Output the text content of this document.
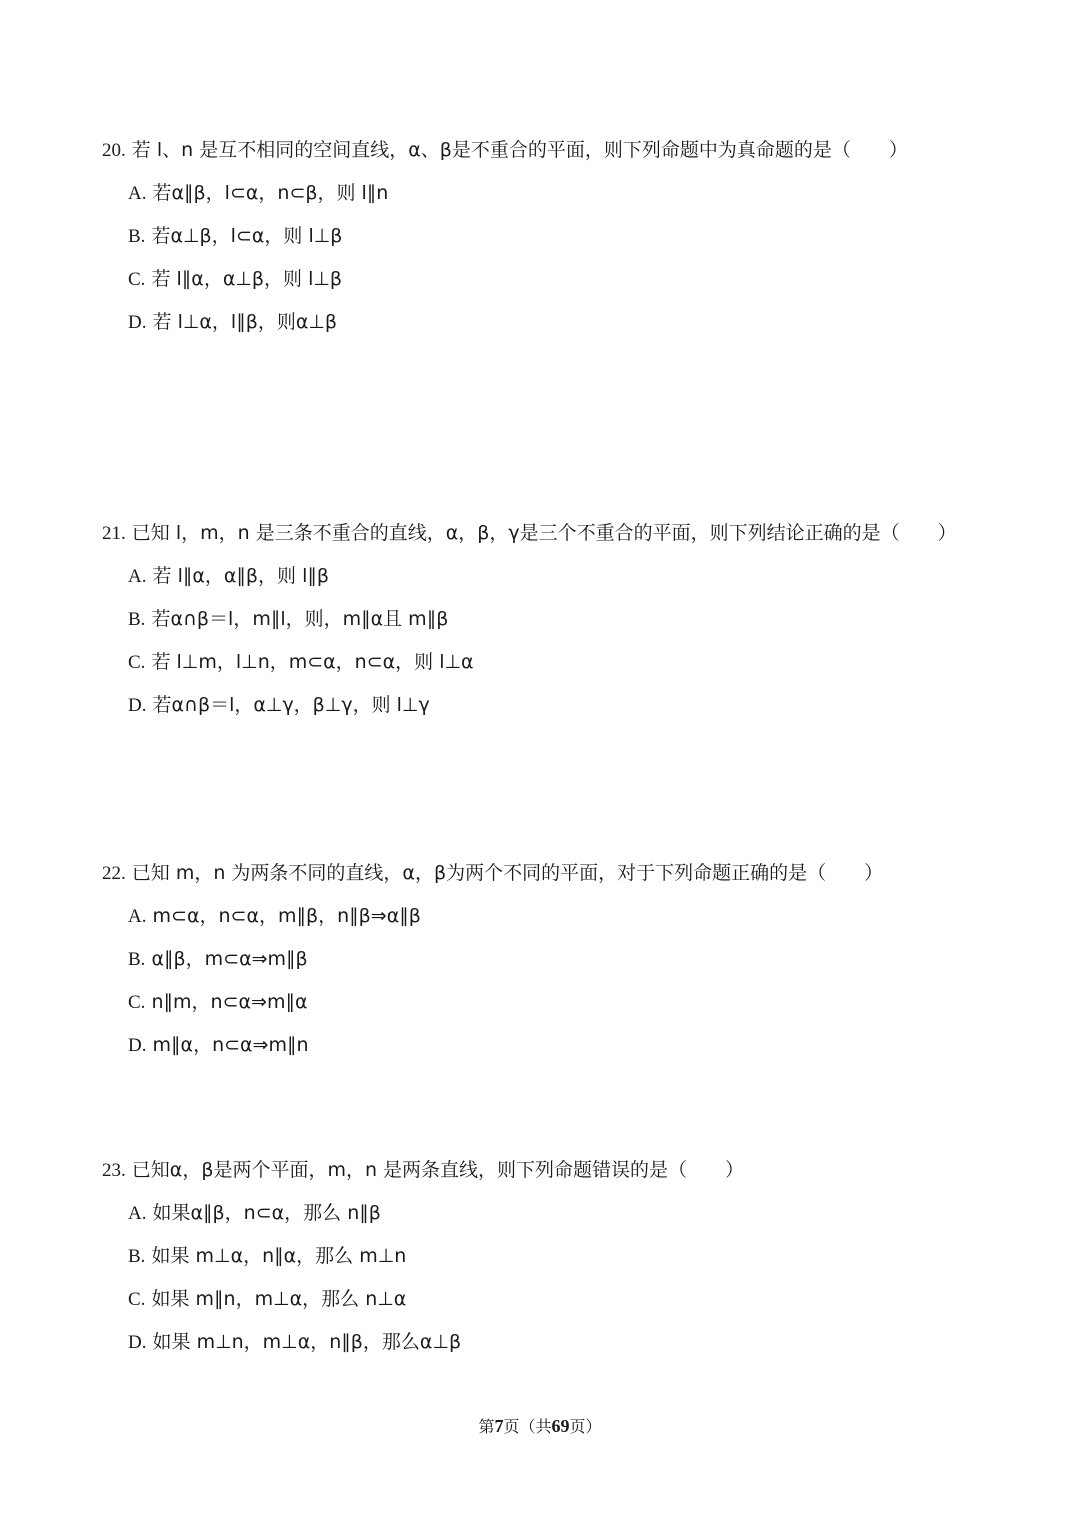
20. 若 l、n 是互不相同的空间直线，α、β是不重合的平面，则下列命题中为真命题的是（　　）
A. 若α∥β，l⊂α，n⊂β，则 l∥n
B. 若α⊥β，l⊂α，则 l⊥β
C. 若 l∥α，α⊥β，则 l⊥β
D. 若 l⊥α，l∥β，则α⊥β
21. 已知 l，m，n 是三条不重合的直线，α，β，γ是三个不重合的平面，则下列结论正确的是（　　）
A. 若 l∥α，α∥β，则 l∥β
B. 若α∩β＝l，m∥l，则，m∥α且 m∥β
C. 若 l⊥m，l⊥n，m⊂α，n⊂α，则 l⊥α
D. 若α∩β＝l，α⊥γ，β⊥γ，则 l⊥γ
22. 已知 m，n 为两条不同的直线，α，β为两个不同的平面，对于下列命题正确的是（　　）
A. m⊂α，n⊂α，m∥β，n∥β⇒α∥β
B. α∥β，m⊂α⇒m∥β
C. n∥m，n⊂α⇒m∥α
D. m∥α，n⊂α⇒m∥n
23. 已知α，β是两个平面，m，n 是两条直线，则下列命题错误的是（　　）
A. 如果α∥β，n⊂α，那么 n∥β
B. 如果 m⊥α，n∥α，那么 m⊥n
C. 如果 m∥n，m⊥α，那么 n⊥α
D. 如果 m⊥n，m⊥α，n∥β，那么α⊥β
第7页（共69页）
